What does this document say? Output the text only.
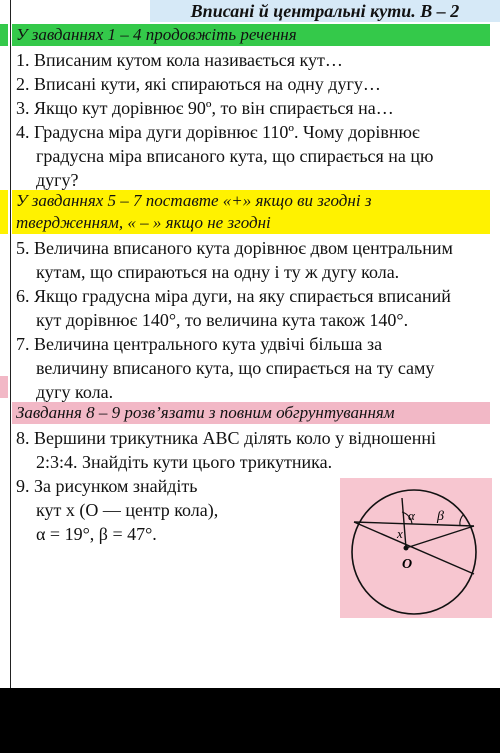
Вписані й центральні кути. В – 2
У завданнях 1 – 4 продовжіть речення
1. Вписаним кутом кола називається кут…
2. Вписані кути, які спираються на одну дугу…
3. Якщо кут дорівнює 90º, то він спирається на…
4. Градусна міра дуги дорівнює 110º. Чому дорівнює
градусна міра вписаного кута, що спирається на цю
дугу?
У завданнях 5 – 7 поставте «+» якщо ви згодні з
твердженням, « – » якщо не згодні
5. Величина вписаного кута дорівнює двом центральним
кутам, що спираються на одну і ту ж дугу кола.
6. Якщо градусна міра дуги, на яку спирається вписаний
кут дорівнює 140°, то величина кута також 140°.
7. Величина центрального кута удвічі більша за
величину вписаного кута, що спирається на ту саму
дугу кола.
Завдання 8 – 9 розв’язати з повним обгрунтуванням
8. Вершини трикутника ABC ділять коло у відношенні
2:3:4. Знайдіть кути цього трикутника.
9. За рисунком знайдіть
кут x (О — центр кола),
α = 19°, β = 47°.
α β
x
O
